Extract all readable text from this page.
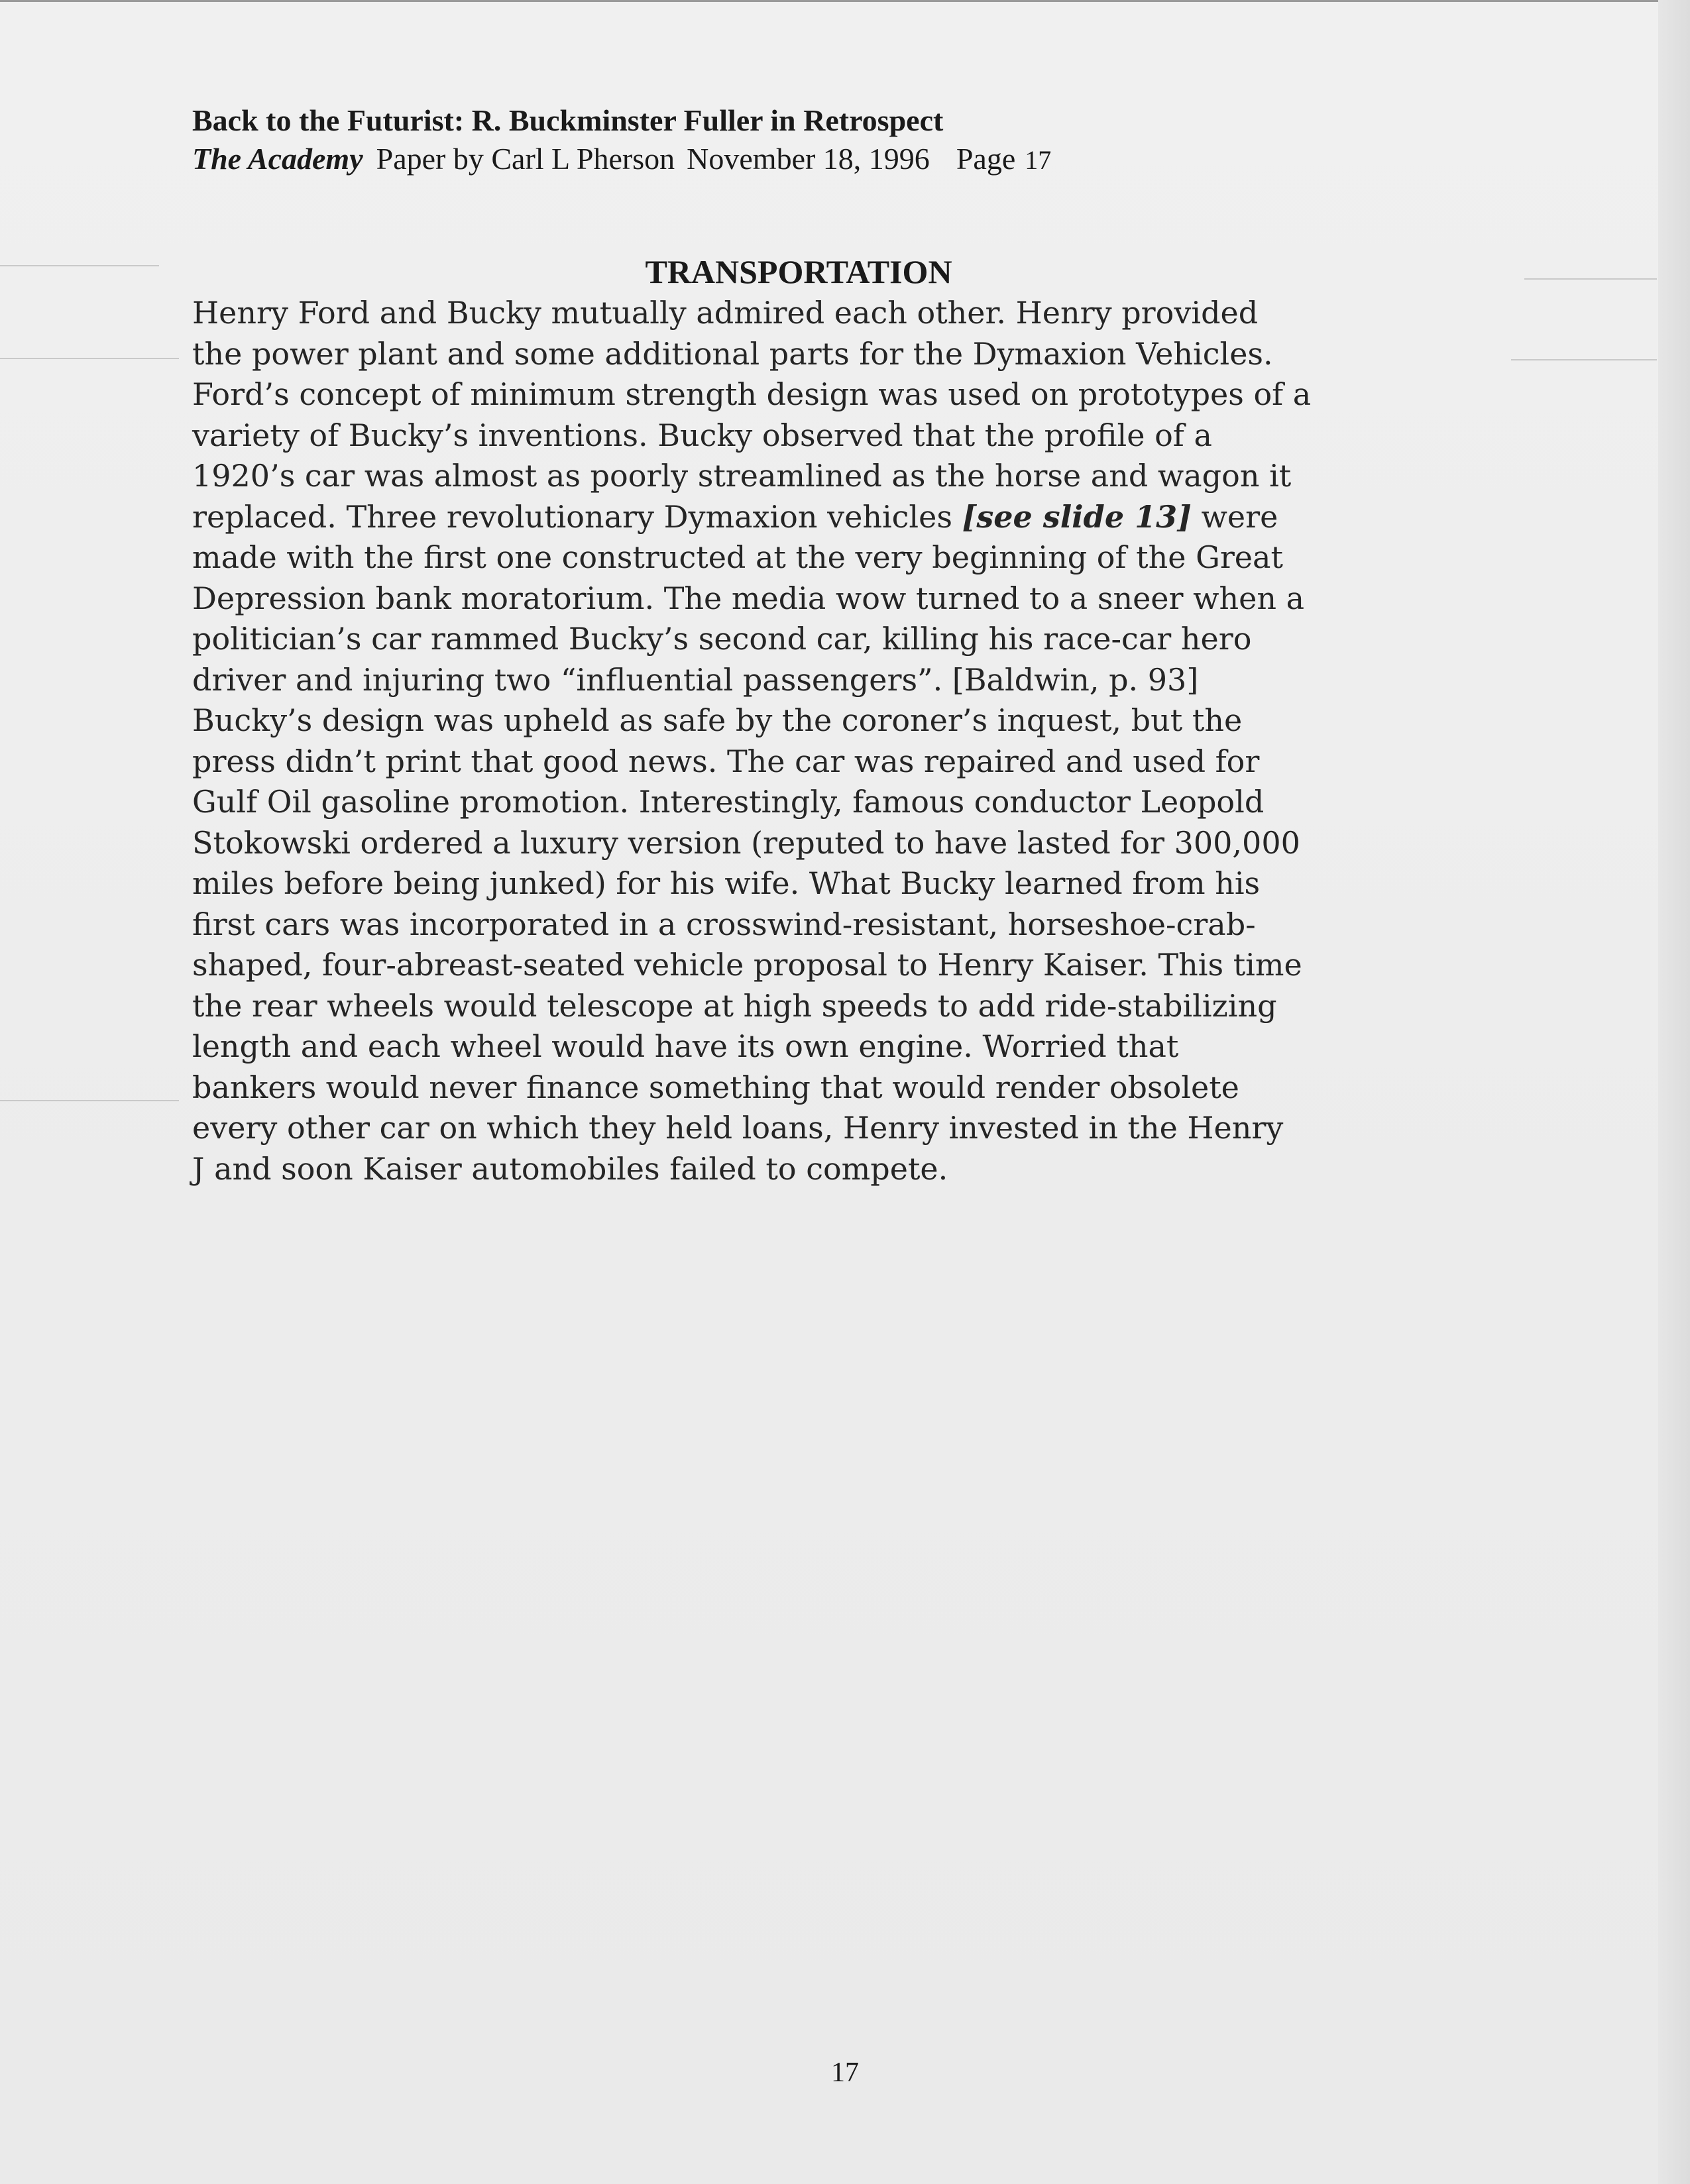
Back to the Futurist: R. Buckminster Fuller in Retrospect
The Academy Paper by Carl L Pherson November 18, 1996 Page 17
TRANSPORTATION
Henry Ford and Bucky mutually admired each other. Henry provided
the power plant and some additional parts for the Dymaxion Vehicles.
Ford’s concept of minimum strength design was used on prototypes of a
variety of Bucky’s inventions. Bucky observed that the profile of a
1920’s car was almost as poorly streamlined as the horse and wagon it
replaced. Three revolutionary Dymaxion vehicles [see slide 13] were
made with the first one constructed at the very beginning of the Great
Depression bank moratorium. The media wow turned to a sneer when a
politician’s car rammed Bucky’s second car, killing his race-car hero
driver and injuring two “influential passengers”. [Baldwin, p. 93]
Bucky’s design was upheld as safe by the coroner’s inquest, but the
press didn’t print that good news. The car was repaired and used for
Gulf Oil gasoline promotion. Interestingly, famous conductor Leopold
Stokowski ordered a luxury version (reputed to have lasted for 300,000
miles before being junked) for his wife. What Bucky learned from his
first cars was incorporated in a crosswind-resistant, horseshoe-crab-
shaped, four-abreast-seated vehicle proposal to Henry Kaiser. This time
the rear wheels would telescope at high speeds to add ride-stabilizing
length and each wheel would have its own engine. Worried that
bankers would never finance something that would render obsolete
every other car on which they held loans, Henry invested in the Henry
J and soon Kaiser automobiles failed to compete.
17
